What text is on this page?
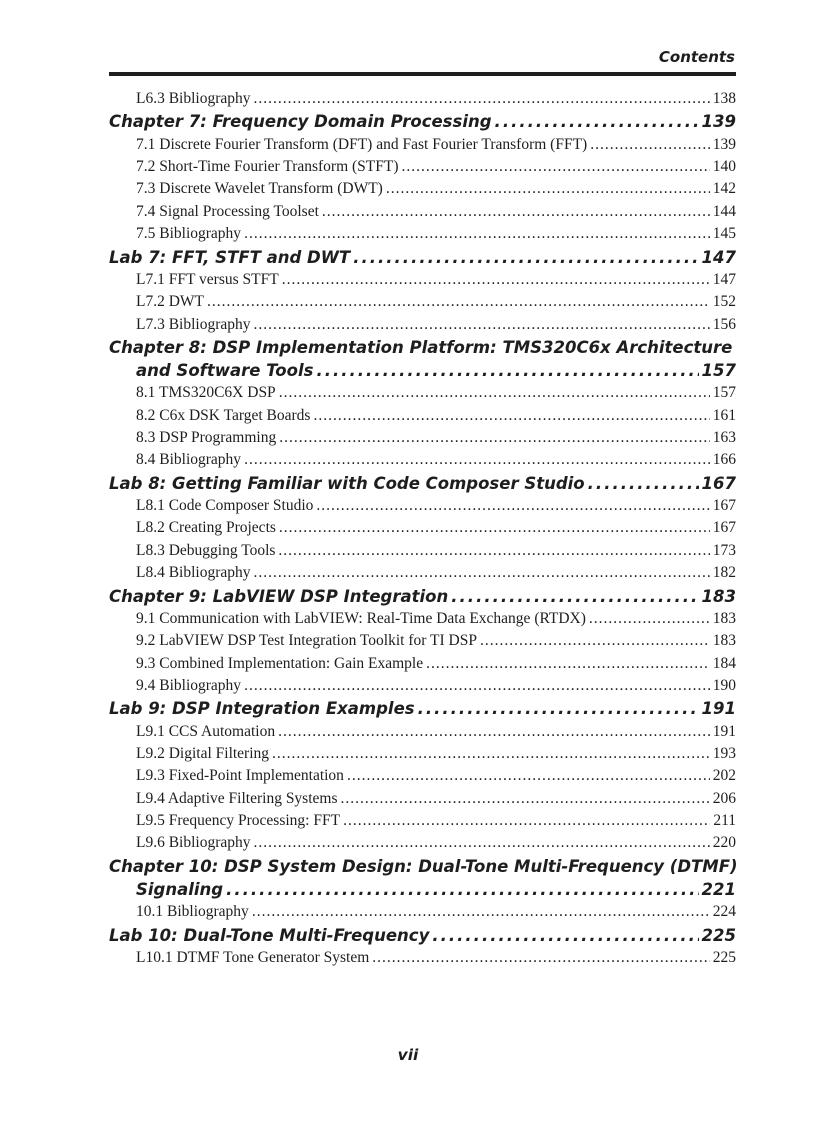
Contents
L6.3 Bibliography .....	138
Chapter 7: Frequency Domain Processing .....	139
7.1 Discrete Fourier Transform (DFT) and Fast Fourier Transform (FFT) .....	139
7.2 Short-Time Fourier Transform (STFT) .....	140
7.3 Discrete Wavelet Transform (DWT) .....	142
7.4 Signal Processing Toolset .....	144
7.5 Bibliography .....	145
Lab 7: FFT, STFT and DWT .....	147
L7.1 FFT versus STFT .....	147
L7.2 DWT .....	152
L7.3 Bibliography .....	156
Chapter 8: DSP Implementation Platform: TMS320C6x Architecture
and Software Tools .....	157
8.1 TMS320C6X DSP .....	157
8.2 C6x DSK Target Boards .....	161
8.3 DSP Programming .....	163
8.4 Bibliography .....	166
Lab 8: Getting Familiar with Code Composer Studio .....	167
L8.1 Code Composer Studio .....	167
L8.2 Creating Projects .....	167
L8.3 Debugging Tools .....	173
L8.4 Bibliography .....	182
Chapter 9: LabVIEW DSP Integration .....	183
9.1 Communication with LabVIEW: Real-Time Data Exchange (RTDX) .....	183
9.2 LabVIEW DSP Test Integration Toolkit for TI DSP .....	183
9.3 Combined Implementation: Gain Example .....	184
9.4 Bibliography .....	190
Lab 9: DSP Integration Examples .....	191
L9.1 CCS Automation .....	191
L9.2 Digital Filtering .....	193
L9.3 Fixed-Point Implementation .....	202
L9.4 Adaptive Filtering Systems .....	206
L9.5 Frequency Processing: FFT .....	211
L9.6 Bibliography .....	220
Chapter 10: DSP System Design: Dual-Tone Multi-Frequency (DTMF)
Signaling .....	221
10.1 Bibliography .....	224
Lab 10: Dual-Tone Multi-Frequency .....	225
L10.1 DTMF Tone Generator System .....	225
vii
